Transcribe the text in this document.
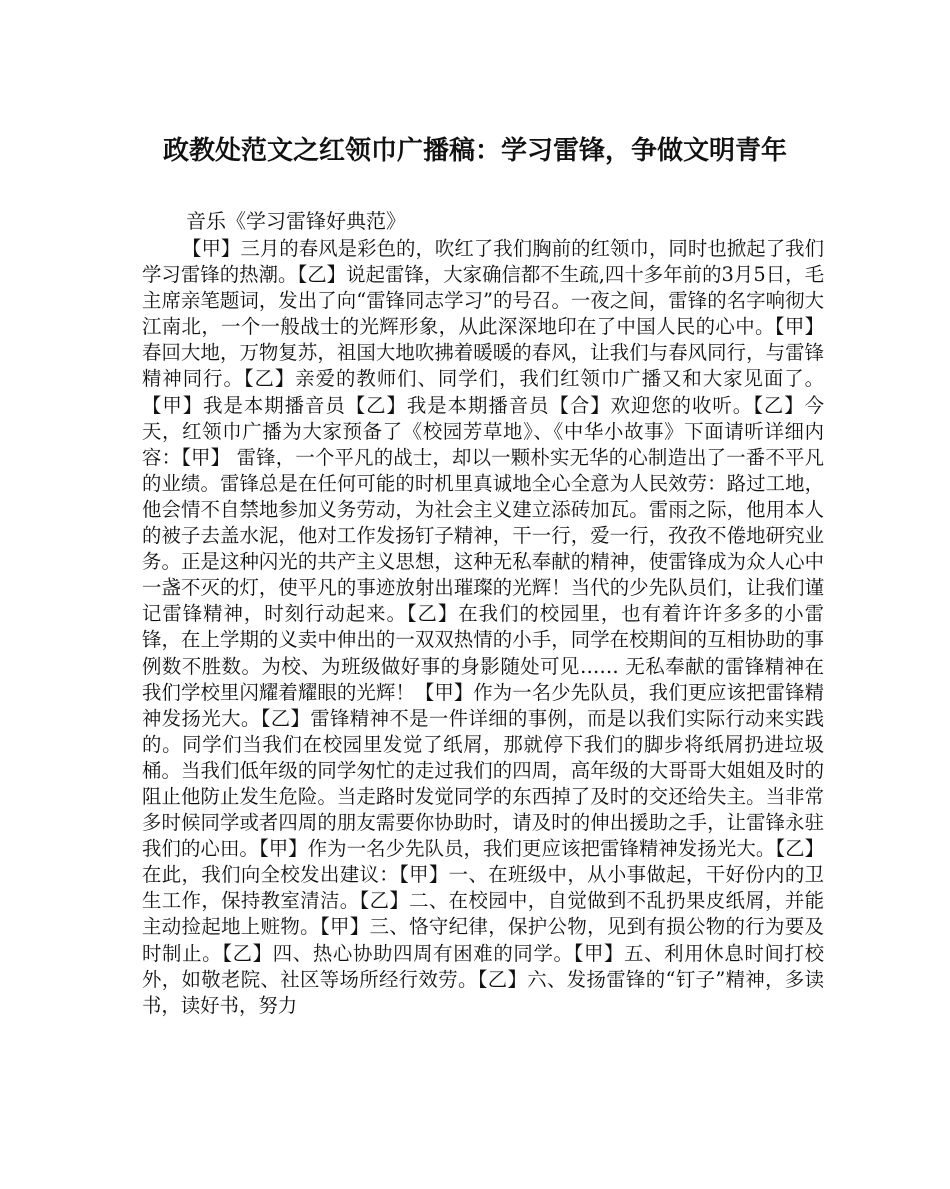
政教处范文之红领巾广播稿：学习雷锋，争做文明青年

音乐《学习雷锋好典范》

【甲】三月的春风是彩色的，吹红了我们胸前的红领巾，同时也掀起了我们学习雷锋的热潮。【乙】说起雷锋，大家确信都不生疏,四十多年前的3月5日，毛主席亲笔题词，发出了向“雷锋同志学习”的号召。一夜之间，雷锋的名字响彻大江南北，一个一般战士的光辉形象，从此深深地印在了中国人民的心中。【甲】春回大地，万物复苏，祖国大地吹拂着暖暖的春风，让我们与春风同行，与雷锋精神同行。【乙】亲爱的教师们、同学们，我们红领巾广播又和大家见面了。【甲】我是本期播音员【乙】我是本期播音员【合】欢迎您的收听。【乙】今天，红领巾广播为大家预备了《校园芳草地》、《中华小故事》下面请听详细内容：【甲】 雷锋，一个平凡的战士，却以一颗朴实无华的心制造出了一番不平凡的业绩。雷锋总是在任何可能的时机里真诚地全心全意为人民效劳：路过工地，他会情不自禁地参加义务劳动，为社会主义建立添砖加瓦。雷雨之际，他用本人的被子去盖水泥，他对工作发扬钉子精神，干一行，爱一行，孜孜不倦地研究业务。正是这种闪光的共产主义思想，这种无私奉献的精神，使雷锋成为众人心中一盏不灭的灯，使平凡的事迹放射出璀璨的光辉！当代的少先队员们，让我们谨记雷锋精神，时刻行动起来。【乙】在我们的校园里，也有着许许多多的小雷锋，在上学期的义卖中伸出的一双双热情的小手，同学在校期间的互相协助的事例数不胜数。为校、为班级做好事的身影随处可见…… 无私奉献的雷锋精神在我们学校里闪耀着耀眼的光辉！【甲】作为一名少先队员，我们更应该把雷锋精神发扬光大。【乙】雷锋精神不是一件详细的事例，而是以我们实际行动来实践的。同学们当我们在校园里发觉了纸屑，那就停下我们的脚步将纸屑扔进垃圾桶。当我们低年级的同学匆忙的走过我们的四周，高年级的大哥哥大姐姐及时的阻止他防止发生危险。当走路时发觉同学的东西掉了及时的交还给失主。当非常多时候同学或者四周的朋友需要你协助时，请及时的伸出援助之手，让雷锋永驻我们的心田。【甲】作为一名少先队员，我们更应该把雷锋精神发扬光大。【乙】在此，我们向全校发出建议：【甲】一、在班级中，从小事做起，干好份内的卫生工作，保持教室清洁。【乙】二、在校园中，自觉做到不乱扔果皮纸屑，并能主动捡起地上赃物。【甲】三、恪守纪律，保护公物，见到有损公物的行为要及时制止。【乙】四、热心协助四周有困难的同学。【甲】五、利用休息时间打校外，如敬老院、社区等场所经行效劳。【乙】六、发扬雷锋的“钉子”精神，多读书，读好书，努力
